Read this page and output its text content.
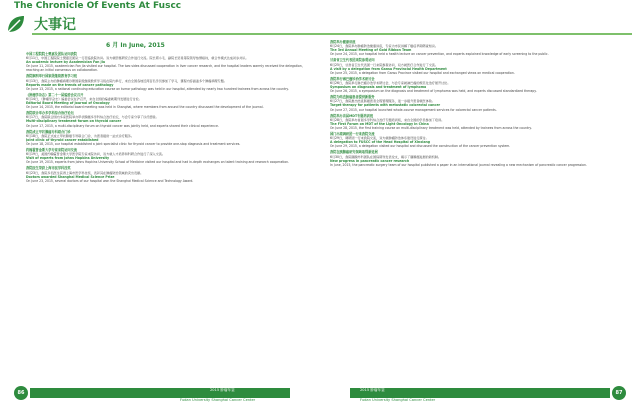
The Chronicle Of Events At Fuscc
大事记
6 月 In June, 2015
中国工程院院士樊嘉及团队访问我院
6月11日，中国工程院院士樊嘉及团队一行莅临我院访问。双方就肝癌研究合作进行交流。院长郭小毛、副院长吴炅等院领导热情接待，就合作模式达成初步共识。
An academic lecture by Academician Fan Jia
On June 11, 2015, academician Fan Jia visited our hospital. The two sides discussed cooperation in liver cancer research, and the hospital leaders warmly received the delegation, reaching an initial consensus on collaboration.
我院顺利举行国家级继续教育学习班
6月13日，我院主办的肿瘤病理诊断国家级继续教育学习班在院内举行，来自全国各地近两百名学员参加了学习，课程内容涵盖多个肿瘤病理专题。
Reports made on the trends of cancer pathology
On June 13, 2015, a national continuing education course on tumor pathology was held in our hospital, attended by nearly two hundred trainees from across the country.
《肿瘤学杂志》第二十一届编委会议召开
6月14日，《肿瘤学杂志》编委会议在沪召开，来自全国的编委就期刊发展进行讨论。
Editorial Board Meeting of Journal of Oncology
On June 14, 2015, the editorial board meeting was held in Shanghai, where members from around the country discussed the development of the journal.
我院联合举办多学科综合治疗论坛
6月17日，我院联合国内多家医院举办甲状腺癌多学科综合治疗论坛，与会专家分享了诊疗经验。
Multi-disciplinary treatment forum on thyroid cancer
On June 17, 2015, a multi-disciplinary forum on thyroid cancer was jointly held, and experts shared their clinical experience.
我院成立甲状腺癌专科联合门诊
6月18日，我院正式成立甲状腺癌专科联合门诊，为患者提供一站式诊疗服务。
Joint clinic of thyroid cancer established
On June 18, 2015, our hospital established a joint specialist clinic for thyroid cancer to provide one-stop diagnosis and treatment services.
约翰霍普金斯大学专家来院访问交流
6月19日，美国约翰霍普金斯大学医学院专家来院访问，双方就人才培养和科研合作进行了深入交流。
Visit of experts from Johns Hopkins University
On June 19, 2015, experts from Johns Hopkins University School of Medicine visited our hospital and had in-depth exchanges on talent training and research cooperation.
我院医生荣获上海市医学科技奖
6月23日，我院多名医生获得上海市医学科技奖，表彰其在肿瘤防治领域的突出贡献。
Doctors awarded Shanghai Medical Science Prize
On June 23, 2015, several doctors of our hospital won the Shanghai Medical Science and Technology Award.
我院举办健康讲座
6月24日，我院举办肿瘤防治健康讲座，专家为市民讲解了癌症早期筛查知识。
The 3rd Annual Meeting of Gold Ribbon Team
On June 24, 2015, our hospital held a health lecture on cancer prevention, and experts explained knowledge of early screening to the public.
甘肃省卫生代表团来院参观访问
6月25日，甘肃省卫生代表团一行来院参观访问，双方就医疗合作进行了交流。
A visit by a delegation from Gansu Provincial Health Department
On June 25, 2015, a delegation from Gansu Province visited our hospital and exchanged views on medical cooperation.
我院举行淋巴瘤诊治学术研讨会
6月26日，我院举行淋巴瘤诊治学术研讨会，与会专家就淋巴瘤的规范化治疗展开讨论。
Symposium on diagnosis and treatment of lymphoma
On June 26, 2015, a symposium on the diagnosis and treatment of lymphoma was held, and experts discussed standardized therapy.
我院为结直肠癌患者提供新服务
6月27日，我院推出结直肠癌患者全程管理服务，进一步提升患者就医体验。
Target therapy for patients with metastatic colorectal cancer
On June 27, 2015, our hospital launched whole-course management services for colorectal cancer patients.
我院举办首届MDT专题培训班
6月28日，我院举办首届多学科综合治疗专题培训班，来自全国的学员参加了培训。
The First Forum on MDT of the Light Oncology in China
On June 28, 2015, the first training course on multi-disciplinary treatment was held, attended by trainees from across the country.
国门出境调研团一行来我院交流
6月29日，调研团一行来我院交流，双方就肿瘤防治体系建设进行探讨。
A delegation to FUSCC of the Head Hospital of Xinxiang
On June 29, 2015, a delegation visited our hospital and discussed the construction of the cancer prevention system.
我院在胰腺癌研究领域取得新进展
6月30日，我院胰腺外科团队在国际期刊发表论文，揭示了胰腺癌进展的新机制。
New progress in pancreatic cancer research
In June, 2015, the pancreatic surgery team of our hospital published a paper in an international journal revealing a new mechanism of pancreatic cancer progression.
2015 肿瘤年鉴
Fudan University Shanghai Cancer Center
2015 肿瘤年鉴
Fudan University Shanghai Cancer Center
86	87
